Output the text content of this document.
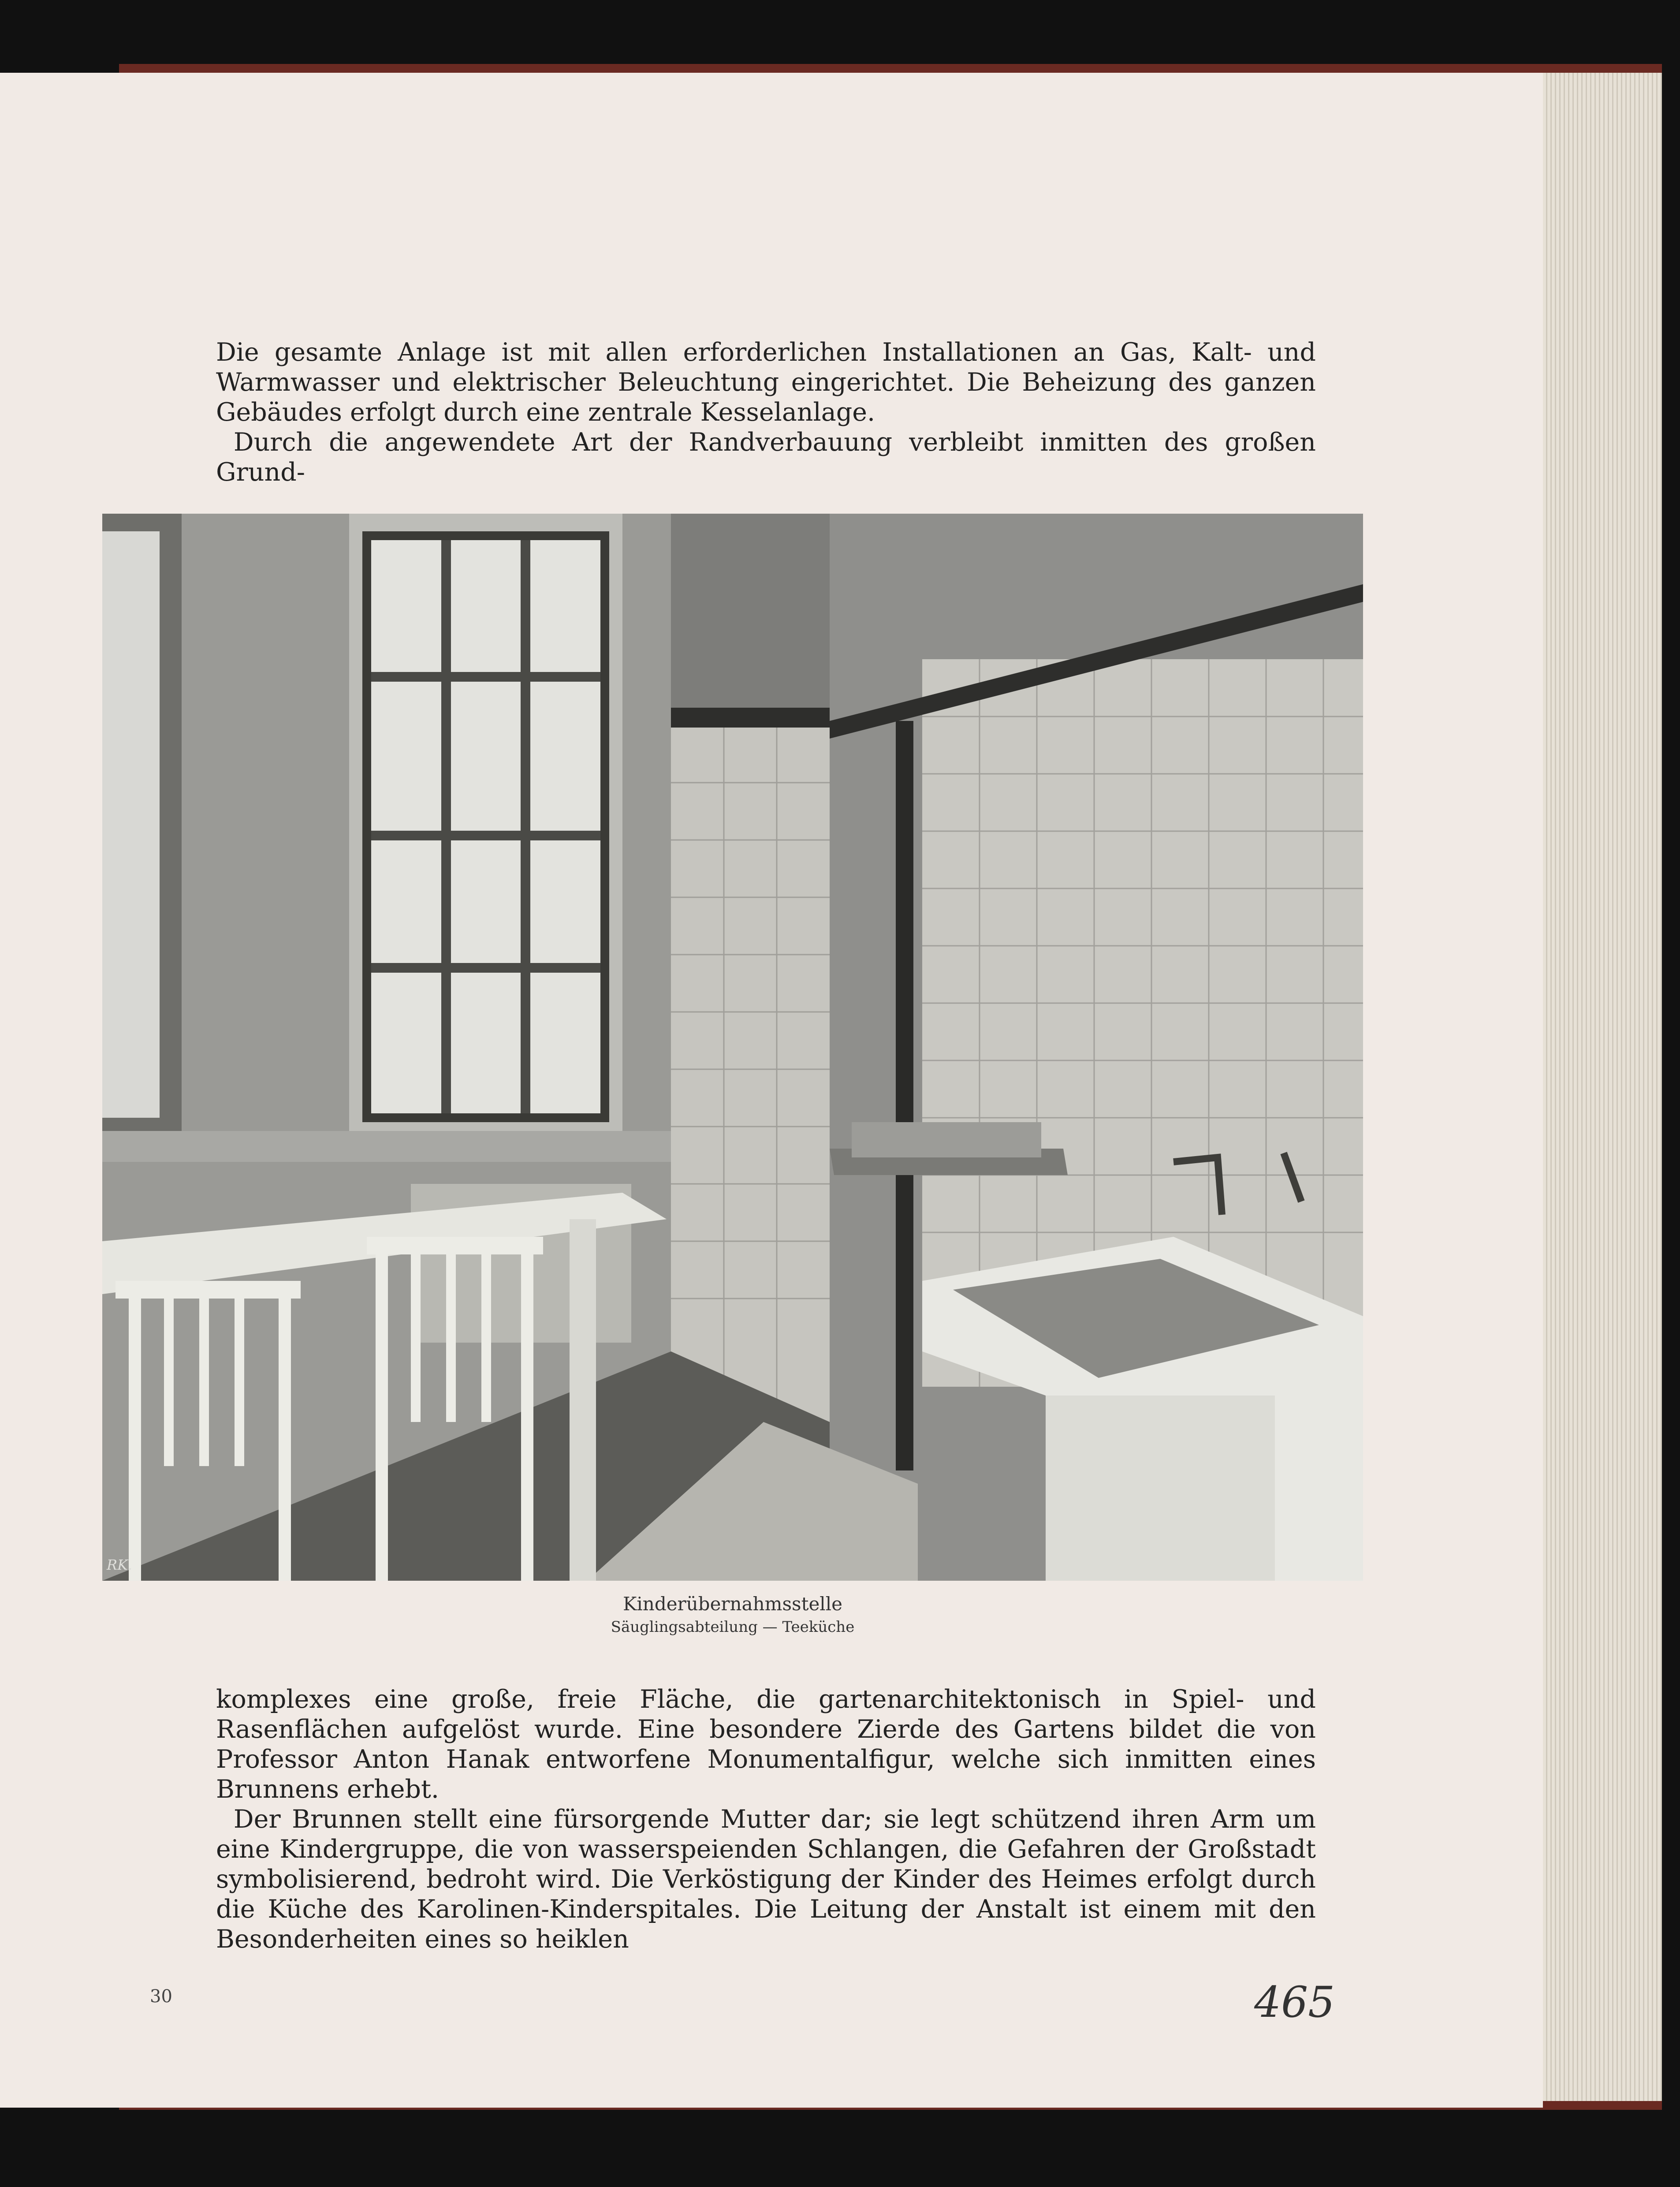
Die gesamte Anlage ist mit allen erforderlichen Installationen an Gas, Kalt- und Warmwasser und elektrischer Beleuchtung eingerichtet. Die Beheizung des ganzen Gebäudes erfolgt durch eine zentrale Kesselanlage.

Durch die angewendete Art der Randverbauung verbleibt inmitten des großen Grund-

RK.
Kinderübernahmsstelle
Säuglingsabteilung — Teeküche

komplexes eine große, freie Fläche, die gartenarchitektonisch in Spiel- und Rasenflächen aufgelöst wurde. Eine besondere Zierde des Gartens bildet die von Professor Anton Hanak entworfene Monumentalfigur, welche sich inmitten eines Brunnens erhebt.

Der Brunnen stellt eine fürsorgende Mutter dar; sie legt schützend ihren Arm um eine Kindergruppe, die von wasserspeienden Schlangen, die Gefahren der Großstadt symbolisierend, bedroht wird. Die Verköstigung der Kinder des Heimes erfolgt durch die Küche des Karolinen-Kinderspitales. Die Leitung der Anstalt ist einem mit den Besonderheiten eines so heiklen

30	465
